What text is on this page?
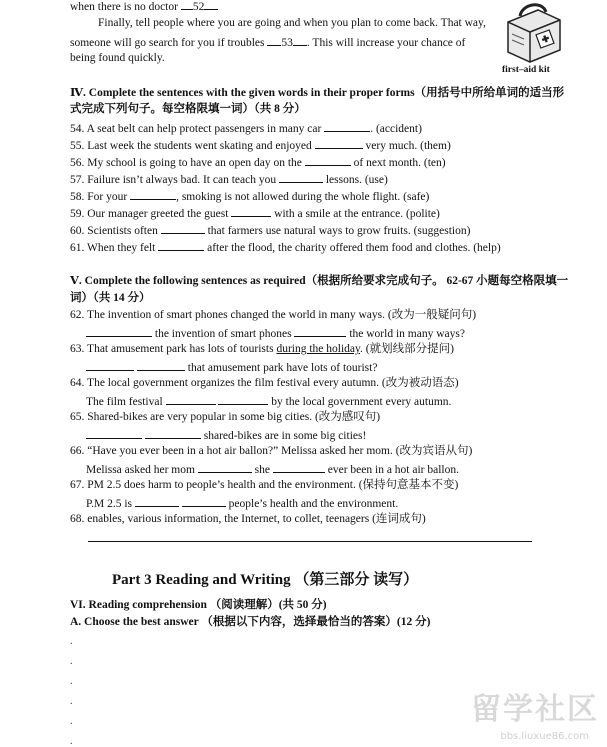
first–aid kit
when there is no doctor 52
Finally, tell people where you are going and when you plan to come back. That way,
someone will go search for you if troubles 53 . This will increase your chance of
being found quickly.
Ⅳ. Complete the sentences with the given words in their proper forms（用括号中所给单词的适当形
式完成下列句子。每空格限填一词）（共 8 分）
54. A seat belt can help protect passengers in many car	. (accident)
55. Last week the students went skating and enjoyed	very much. (them)
56. My school is going to have an open day on the	of next month. (ten)
57. Failure isn’t always bad. It can teach you	lessons. (use)
58. For your	, smoking is not allowed during the whole flight. (safe)
59. Our manager greeted the guest	with a smile at the entrance. (polite)
60. Scientists often	that farmers use natural ways to grow fruits. (suggestion)
61. When they felt	after the flood, the charity offered them food and clothes. (help)
Ⅴ. Complete the following sentences as required（根据所给要求完成句子。 62-67 小题每空格限填一
词）（共 14 分）
62. The invention of smart phones changed the world in many ways. (改为一般疑问句)
the invention of smart phones	the world in many ways?
63. That amusement park has lots of tourists during the holiday. (就划线部分提问)
that amusement park have lots of tourist?
64. The local government organizes the film festival every autumn. (改为被动语态)
The film festival	by the local government every autumn.
65. Shared-bikes are very popular in some big cities. (改为感叹句)
shared-bikes are in some big cities!
66. “Have you ever been in a hot air ballon?” Melissa asked her mom. (改为宾语从句)
Melissa asked her mom	she	ever been in a hot air ballon.
67. PM 2.5 does harm to people’s health and the environment. (保持句意基本不变)
P.M 2.5 is	people’s health and the environment.
68. enables, various information, the Internet, to collet, teenagers (连词成句)
Part 3 Reading and Writing （第三部分 读写）
VI. Reading comprehension （阅读理解）(共 50 分)
A. Choose the best answer （根据以下内容，选择最恰当的答案）(12 分)
.
.
.
.
.
.
留学社区
bbs.liuxue86.com
